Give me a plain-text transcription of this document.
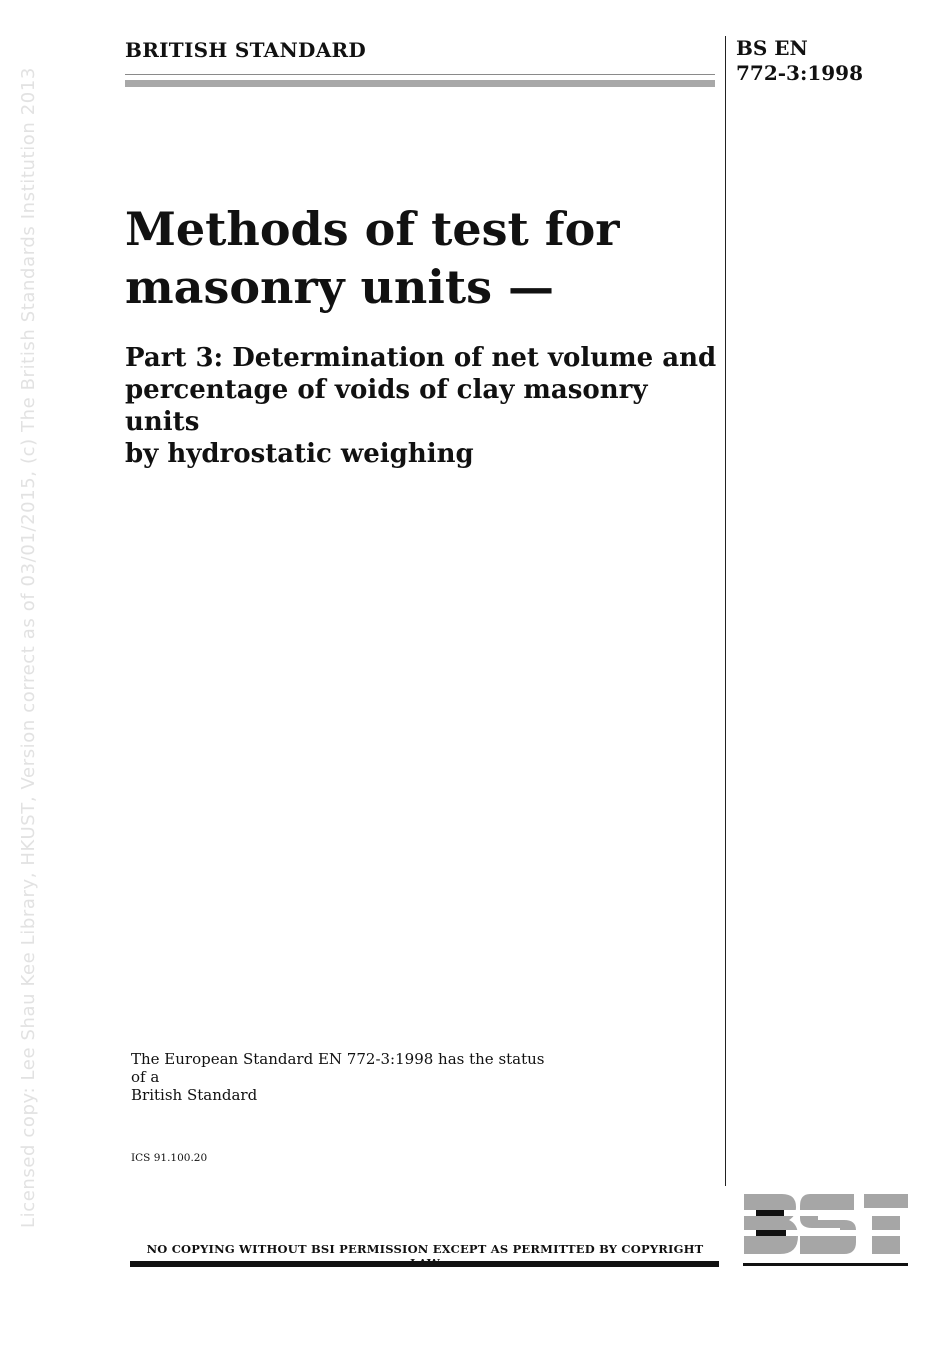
BRITISH STANDARD	BS EN
772-3:1998
Methods of test for
masonry units —
Part 3: Determination of net volume and
percentage of voids of clay masonry units
by hydrostatic weighing
The European Standard EN 772-3:1998 has the status of a
British Standard
ICS 91.100.20
NO COPYING WITHOUT BSI PERMISSION EXCEPT AS PERMITTED BY COPYRIGHT
Licensed copy: Lee Shau Kee Library, HKUST, Version correct as of 03/01/2015, (c) The British Standards Institution 2013
